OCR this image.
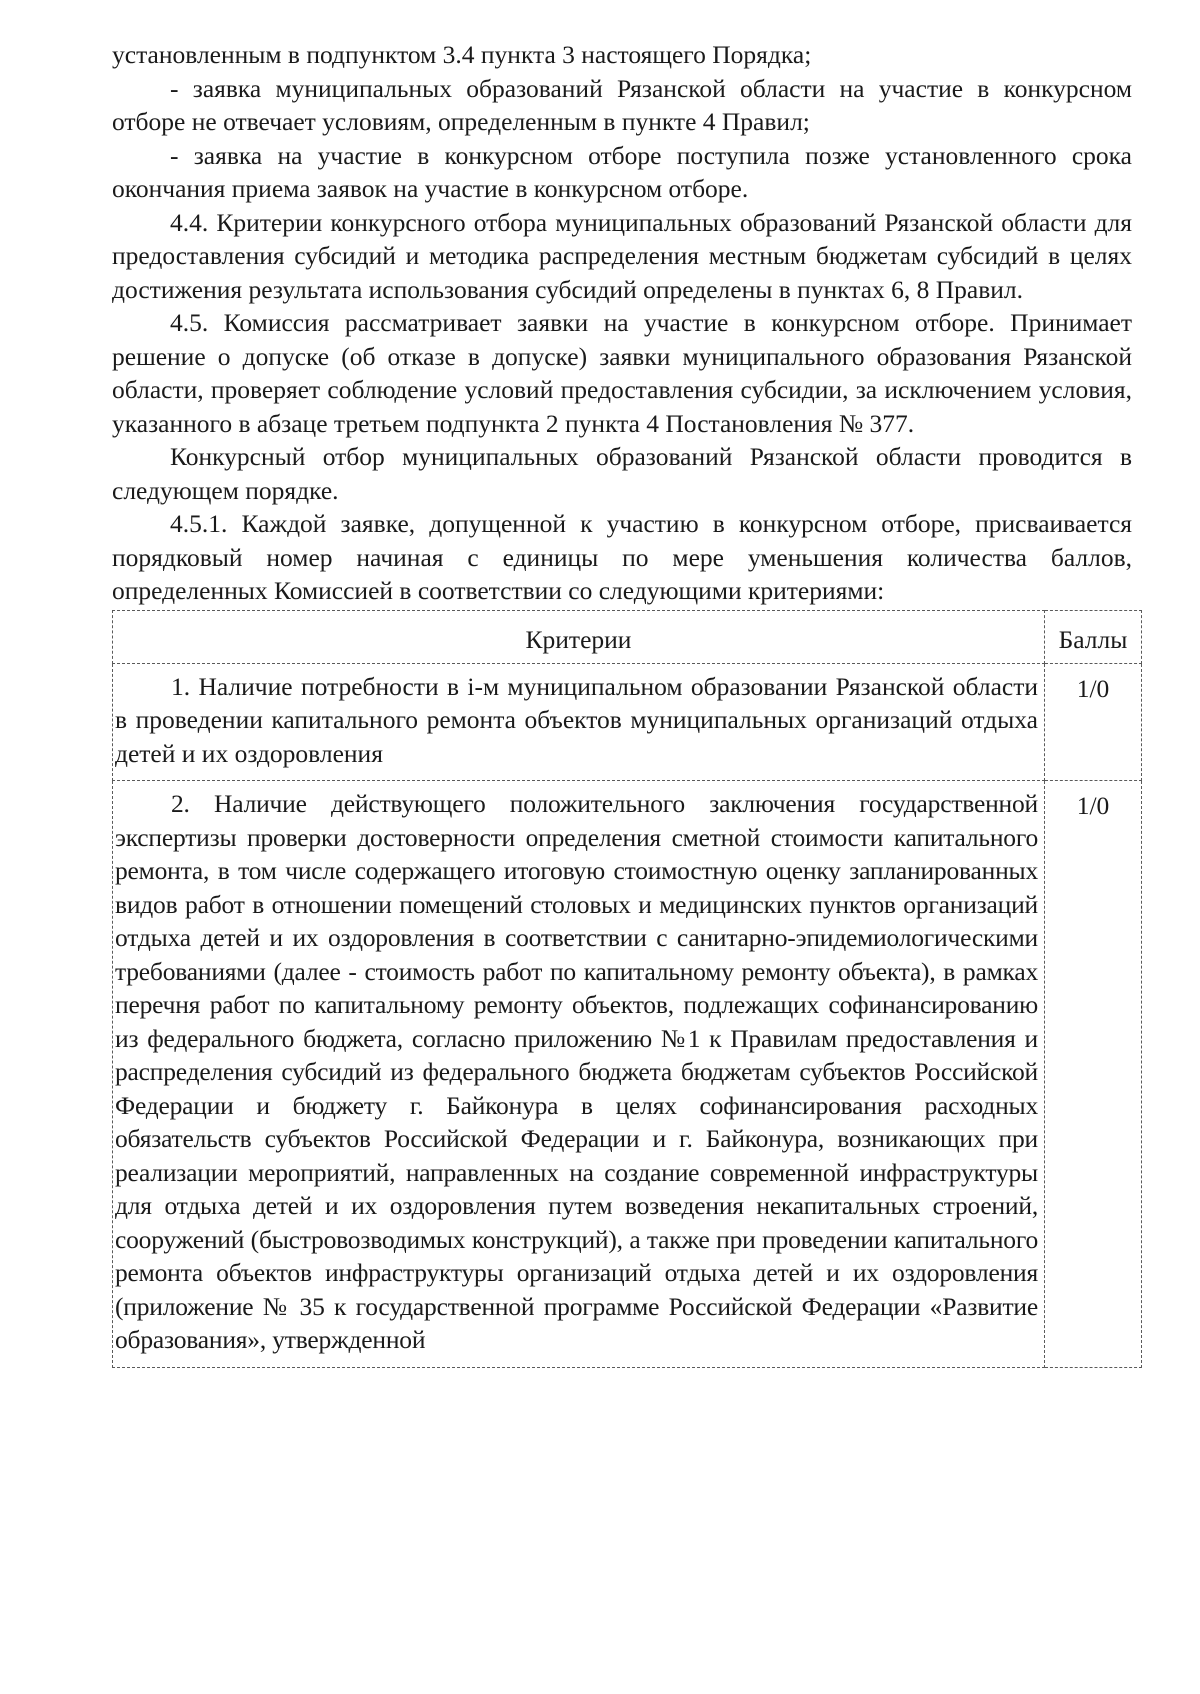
установленным в подпунктом 3.4 пункта 3 настоящего Порядка;

- заявка муниципальных образований Рязанской области на участие в конкурсном отборе не отвечает условиям, определенным в пункте 4 Правил;

- заявка на участие в конкурсном отборе поступила позже установленного срока окончания приема заявок на участие в конкурсном отборе.

4.4. Критерии конкурсного отбора муниципальных образований Рязанской области для предоставления субсидий и методика распределения местным бюджетам субсидий в целях достижения результата использования субсидий определены в пунктах 6, 8 Правил.

4.5. Комиссия рассматривает заявки на участие в конкурсном отборе. Принимает решение о допуске (об отказе в допуске) заявки муниципального образования Рязанской области, проверяет соблюдение условий предоставления субсидии, за исключением условия, указанного в абзаце третьем подпункта 2 пункта 4 Постановления № 377.

Конкурсный отбор муниципальных образований Рязанской области проводится в следующем порядке.

4.5.1. Каждой заявке, допущенной к участию в конкурсном отборе, присваивается порядковый номер начиная с единицы по мере уменьшения количества баллов, определенных Комиссией в соответствии со следующими критериями:

Критерии	Баллы

1. Наличие потребности в i-м муниципальном образовании Рязанской области в проведении капитального ремонта объектов муниципальных организаций отдыха детей и их оздоровления	1/0

2. Наличие действующего положительного заключения государственной экспертизы проверки достоверности определения сметной стоимости капитального ремонта, в том числе содержащего итоговую стоимостную оценку запланированных видов работ в отношении помещений столовых и медицинских пунктов организаций отдыха детей и их оздоровления в соответствии с санитарно-эпидемиологическими требованиями (далее - стоимость работ по капитальному ремонту объекта), в рамках перечня работ по капитальному ремонту объектов, подлежащих софинансированию из федерального бюджета, согласно приложению №1 к Правилам предоставления и распределения субсидий из федерального бюджета бюджетам субъектов Российской Федерации и бюджету г. Байконура в целях софинансирования расходных обязательств субъектов Российской Федерации и г. Байконура, возникающих при реализации мероприятий, направленных на создание современной инфраструктуры для отдыха детей и их оздоровления путем возведения некапитальных строений, сооружений (быстровозводимых конструкций), а также при проведении капитального ремонта объектов инфраструктуры организаций отдыха детей и их оздоровления (приложение № 35 к государственной программе Российской Федерации «Развитие образования», утвержденной	1/0
